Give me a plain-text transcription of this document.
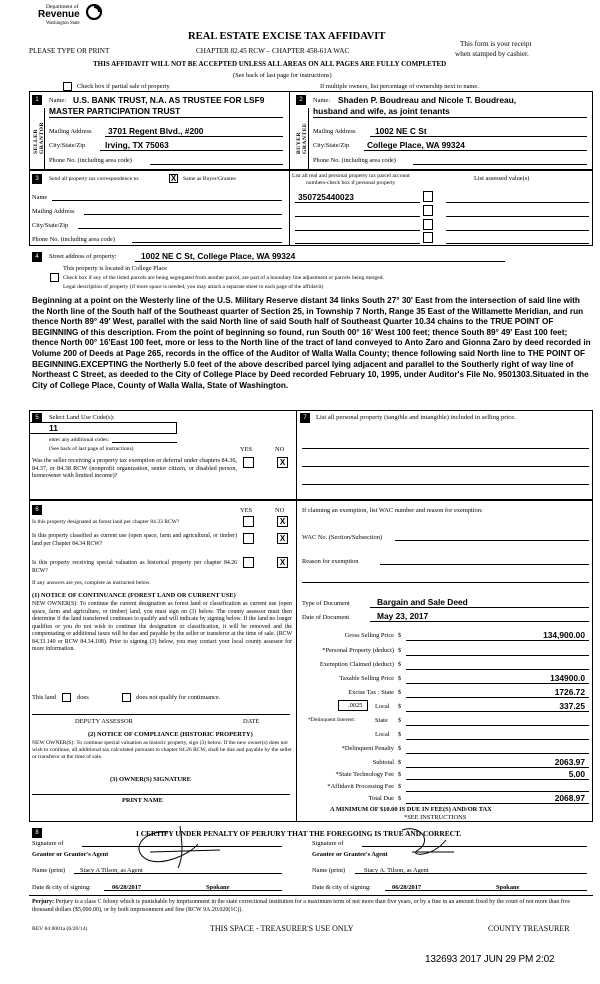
Department of
Revenue
Washington State
REAL ESTATE EXCISE TAX AFFIDAVIT
PLEASE TYPE OR PRINT	CHAPTER 82.45 RCW – CHAPTER 458-61A WAC
This form is your receipt
when stamped by cashier.
THIS AFFIDAVIT WILL NOT BE ACCEPTED UNLESS ALL AREAS ON ALL PAGES ARE FULLY COMPLETED
(See back of last page for instructions)
Check box if partial sale of property	If multiple owners, list percentage of ownership next to name.
1	2
SELLER GRANTOR	BUYER GRANTEE
Name: U.S. BANK TRUST, N.A. AS TRUSTEE FOR LSF9
MASTER PARTICIPATION TRUST
Mailing Address 3701 Regent Blvd., #200
City/State/Zip Irving, TX 75063
Phone No. (including area code)
Name: Shaden P. Boudreau and Nicole T. Boudreau,
husband and wife, as joint tenants
Mailing Address 1002 NE C St
City/State/Zip College Place, WA 99324
Phone No. (including area code)
3	Send all property tax correspondence to:	X	Same as Buyer/Grantee
Name
Mailing Address
City/State/Zip
Phone No. (including area code)
List all real and personal property tax parcel account
numbers-check box if personal property
List assessed value(s)
350725440023
4	Street address of property:	1002 NE C St, College Place, WA 99324
This property is located in College Place
Check box if any of the listed parcels are being segregated from another parcel, are part of a boundary line adjustment or parcels being merged.
Legal description of property (if more space is needed, you may attach a separate sheet to each page of the affidavit)
Beginning at a point on the Westerly line of the U.S. Military Reserve distant 34 links South 27° 30' East from the intersection of said line with the North line of the South half of the Southeast quarter of Section 25, in Township 7 North, Range 35 East of the Willamette Meridian, and run thence North 89° 49' West, parallel with the said North line of said South half of Southeast Quarter 10.34 chains to the TRUE POINT OF BEGINNING of this description. From the point of beginning so found, run South 00° 16' West 100 feet; thence South 89° 49' East 100 feet; thence North 00° 16'East 100 feet, more or less to the North line of the tract of land conveyed to Anto Zaro and Gionna Zaro by deed recorded in Volume 200 of Deeds at Page 265, records in the office of the Auditor of Walla Walla County; thence following said North line to THE POINT OF BEGINNING.EXCEPTING the Northerly 5.0 feet of the above described parcel lying adjacent and parallel to the Southerly right of way line of Northeast C Street, as deeded to the City of College Place by Deed recorded February 10, 1995, under Auditor's File No. 9501303.Situated in the City of College Place, County of Walla Walla, State of Washington.
5	Select Land Use Code(s):
11
enter any additional codes:
(See back of last page of instructions)	YES	NO
Was the seller receiving a property tax exemption or deferral under chapters 84.36, 84.37, or 84.38 RCW (nonprofit organization, senior citizen, or disabled person, homeowner with limited income)?
X
7	List all personal property (tangible and intangible) included in selling price.
6	YES	NO
Is this property designated as forest land per chapter 84.33 RCW?	X
Is this property classified as current use (open space, farm and agricultural, or timber) land per Chapter 84.34 RCW?
X
Is this property receiving special valuation as historical property per chapter 84.26 RCW?
X
If any answers are yes, complete as instructed below.
(1) NOTICE OF CONTINUANCE (FOREST LAND OR CURRENT USE)
NEW OWNER(S): To continue the current designation as forest land or classification as current use (open space, farm and agriculture, or timber) land, you must sign on (3) below. The county assessor must then determine if the land transferred continues to qualify and will indicate by signing below. If the land no longer qualifies or you do not wish to continue the designation or classification, it will be removed and the compensating or additional taxes will be due and payable by the seller or transferor at the time of sale. (RCW 84.33.140 or RCW 84.34.108). Prior to signing (3) below, you may contact your local county assessor for more information.
This land	does	does not qualify for continuance.
DEPUTY ASSESSOR	DATE
(2) NOTICE OF COMPLIANCE (HISTORIC PROPERTY)
NEW OWNER(S): To continue special valuation as historic property, sign (3) below. If the new owner(s) does not wish to continue, all additional tax calculated pursuant to chapter 84.26 RCW, shall be due and payable by the seller or transferor at the time of sale.
(3) OWNER(S) SIGNATURE
PRINT NAME
If claiming an exemption, list WAC number and reason for exemption:
WAC No. (Section/Subsection)
Reason for exemption
Type of Document	Bargain and Sale Deed
Date of Document	May 23, 2017
Gross Selling Price $	134,900.00
*Personal Property (deduct) $
Exemption Claimed (deduct) $
Taxable Selling Price $	134900.0
Excise Tax : State $	1726.72
.0025 Local $	337.25
*Delinquent Interest:	State $
Local $
*Delinquent Penalty $
Subtotal $	2063.97
*State Technology Fee $	5.00
*Affidavit Processing Fee $
Total Due $	2068.97
A MINIMUM OF $10.00 IS DUE IN FEE(S) AND/OR TAX
*SEE INSTRUCTIONS
8	I CERTIFY UNDER PENALTY OF PERJURY THAT THE FOREGOING IS TRUE AND CORRECT.
Signature of
Grantor or Grantor's Agent
Signature of
Grantee or Grantee's Agent
Name (print) Stacy A Tilson, as Agent	Name (print)	Stacy A. Tilson, as Agent
Date & city of signing:	06/28/2017	Spokane	Date & city of signing:	06/28/2017	Spokane
Perjury: Perjury is a class C felony which is punishable by imprisonment in the state correctional institution for a maximum term of not more than five years, or by a fine in an amount fixed by the court of not more than five thousand dollars ($5,000.00), or by both imprisonment and fine (RCW 9A.20.020(1C)).
REV 84 0001a (6/26/14)	THIS SPACE - TREASURER'S USE ONLY	COUNTY TREASURER
132693 2017 JUN 29 PM 2:02
